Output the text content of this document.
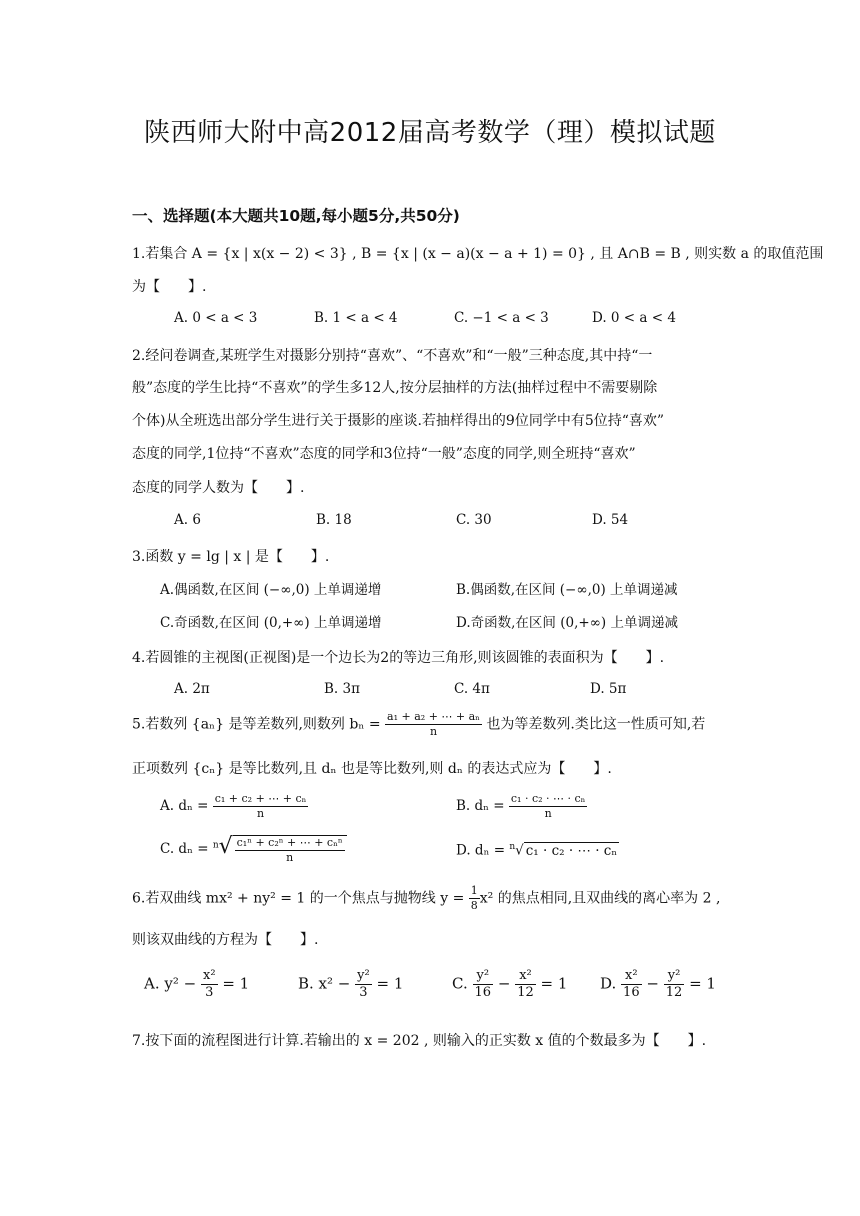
陕西师大附中高2012届高考数学（理）模拟试题
一、选择题(本大题共10题,每小题5分,共50分)
1.若集合 A = {x | x(x − 2) < 3} , B = {x | (x − a)(x − a + 1) = 0} , 且 A∩B = B , 则实数 a 的取值范围
为【　　】.
A. 0 < a < 3	B. 1 < a < 4	C. −1 < a < 3	D. 0 < a < 4
2.经问卷调查,某班学生对摄影分别持“喜欢”、“不喜欢”和“一般”三种态度,其中持“一
般”态度的学生比持“不喜欢”的学生多12人,按分层抽样的方法(抽样过程中不需要剔除
个体)从全班选出部分学生进行关于摄影的座谈.若抽样得出的9位同学中有5位持“喜欢”
态度的同学,1位持“不喜欢”态度的同学和3位持“一般”态度的同学,则全班持“喜欢”
态度的同学人数为【　　】.
A. 6	B. 18	C. 30	D. 54
3.函数 y = lg | x | 是【　　】.
A.偶函数,在区间 (−∞,0) 上单调递增	B.偶函数,在区间 (−∞,0) 上单调递减
C.奇函数,在区间 (0,+∞) 上单调递增	D.奇函数,在区间 (0,+∞) 上单调递减
4.若圆锥的主视图(正视图)是一个边长为2的等边三角形,则该圆锥的表面积为【　　】.
A. 2π	B. 3π	C. 4π	D. 5π
5.若数列 {aₙ} 是等差数列,则数列 $b_n = \frac{\text{a₁ + a₂ + ⋯ + aₙ}}{n}$ 也为等差数列.类比这一性质可知,若
正项数列 {cₙ} 是等比数列,且 dₙ 也是等比数列,则 dₙ 的表达式应为【　　】.
A. $d_n = \frac{\text{c₁ + c₂ + ⋯ + cₙ}}{n}$	B. $d_n = \frac{\text{c₁ · c₂ · ⋯ · cₙ}}{n}$
C. $d_n = ^n√ \frac{\text{c₁ⁿ + c₂ⁿ + ⋯ + cₙⁿ}}{n}$	D. dₙ = $^n$√ c₁ · c₂ · ⋯ · cₙ
6.若双曲线 mx² + ny² = 1 的一个焦点与抛物线 $y = \frac{1}{8} x^2$ 的焦点相同,且双曲线的离心率为 2 ,
则该双曲线的方程为【　　】.
A. $y^2 - \frac{\text{x²}}{3} = 1$	B. $x^2 - \frac{\text{y²}}{3} = 1$	C. $\frac{\text{y²}}{16} - \frac{\text{x²}}{12} = 1$ D. $\frac{\text{x²}}{16} - \frac{\text{y²}}{12} = 1$
7.按下面的流程图进行计算.若输出的 x = 202 , 则输入的正实数 x 值的个数最多为【　　】.
